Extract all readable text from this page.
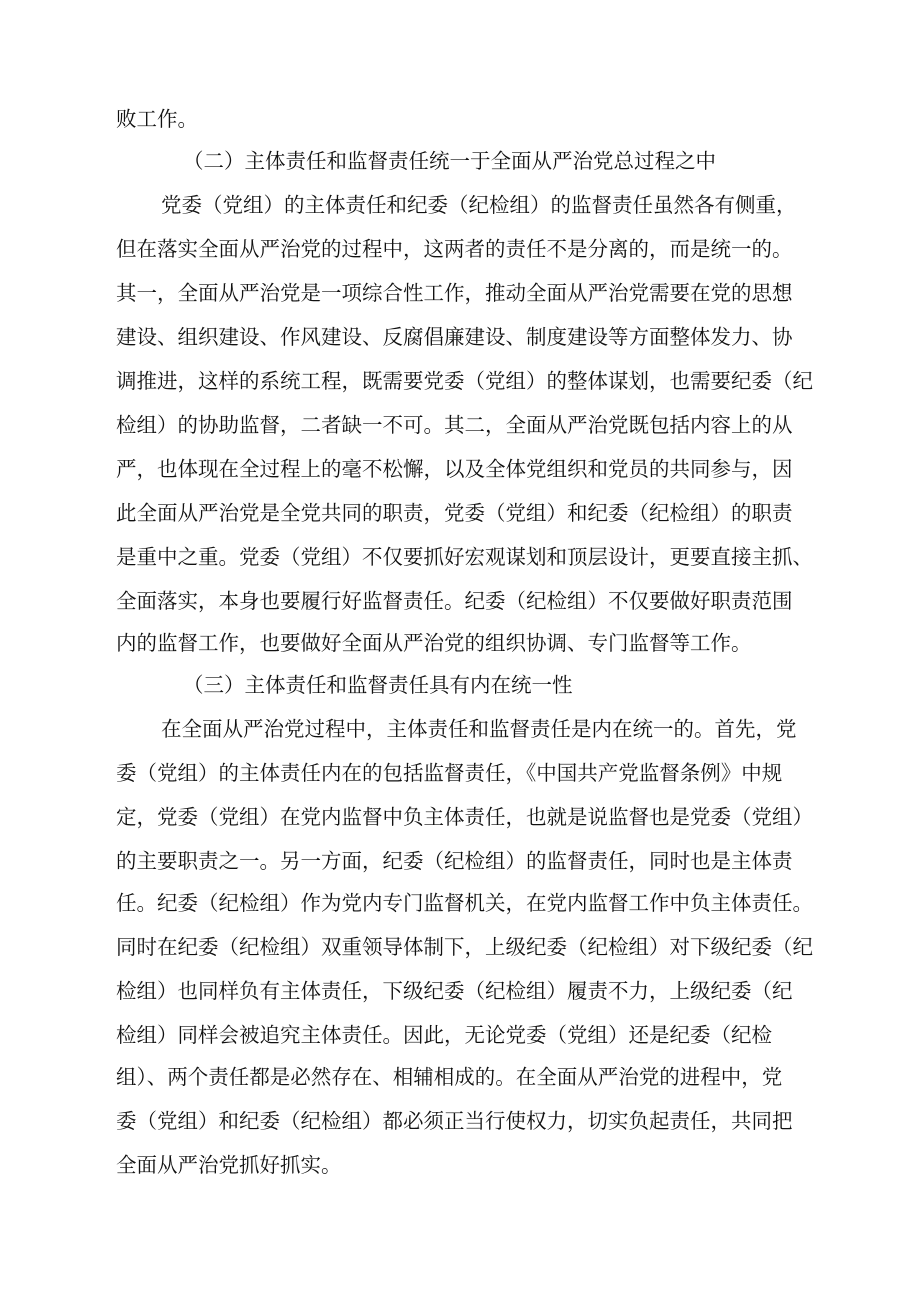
败工作。

（二）主体责任和监督责任统一于全面从严治党总过程之中

党委（党组）的主体责任和纪委（纪检组）的监督责任虽然各有侧重，

但在落实全面从严治党的过程中，这两者的责任不是分离的，而是统一的。

其一，全面从严治党是一项综合性工作，推动全面从严治党需要在党的思想

建设、组织建设、作风建设、反腐倡廉建设、制度建设等方面整体发力、协

调推进，这样的系统工程，既需要党委（党组）的整体谋划，也需要纪委（纪

检组）的协助监督，二者缺一不可。其二，全面从严治党既包括内容上的从

严，也体现在全过程上的毫不松懈，以及全体党组织和党员的共同参与，因

此全面从严治党是全党共同的职责，党委（党组）和纪委（纪检组）的职责

是重中之重。党委（党组）不仅要抓好宏观谋划和顶层设计，更要直接主抓、

全面落实，本身也要履行好监督责任。纪委（纪检组）不仅要做好职责范围

内的监督工作，也要做好全面从严治党的组织协调、专门监督等工作。

（三）主体责任和监督责任具有内在统一性

在全面从严治党过程中，主体责任和监督责任是内在统一的。首先，党

委（党组）的主体责任内在的包括监督责任，《中国共产党监督条例》中规

定，党委（党组）在党内监督中负主体责任，也就是说监督也是党委（党组）

的主要职责之一。另一方面，纪委（纪检组）的监督责任，同时也是主体责

任。纪委（纪检组）作为党内专门监督机关，在党内监督工作中负主体责任。

同时在纪委（纪检组）双重领导体制下，上级纪委（纪检组）对下级纪委（纪

检组）也同样负有主体责任，下级纪委（纪检组）履责不力，上级纪委（纪

检组）同样会被追究主体责任。因此，无论党委（党组）还是纪委（纪检

组）、两个责任都是必然存在、相辅相成的。在全面从严治党的进程中，党

委（党组）和纪委（纪检组）都必须正当行使权力，切实负起责任，共同把

全面从严治党抓好抓实。
